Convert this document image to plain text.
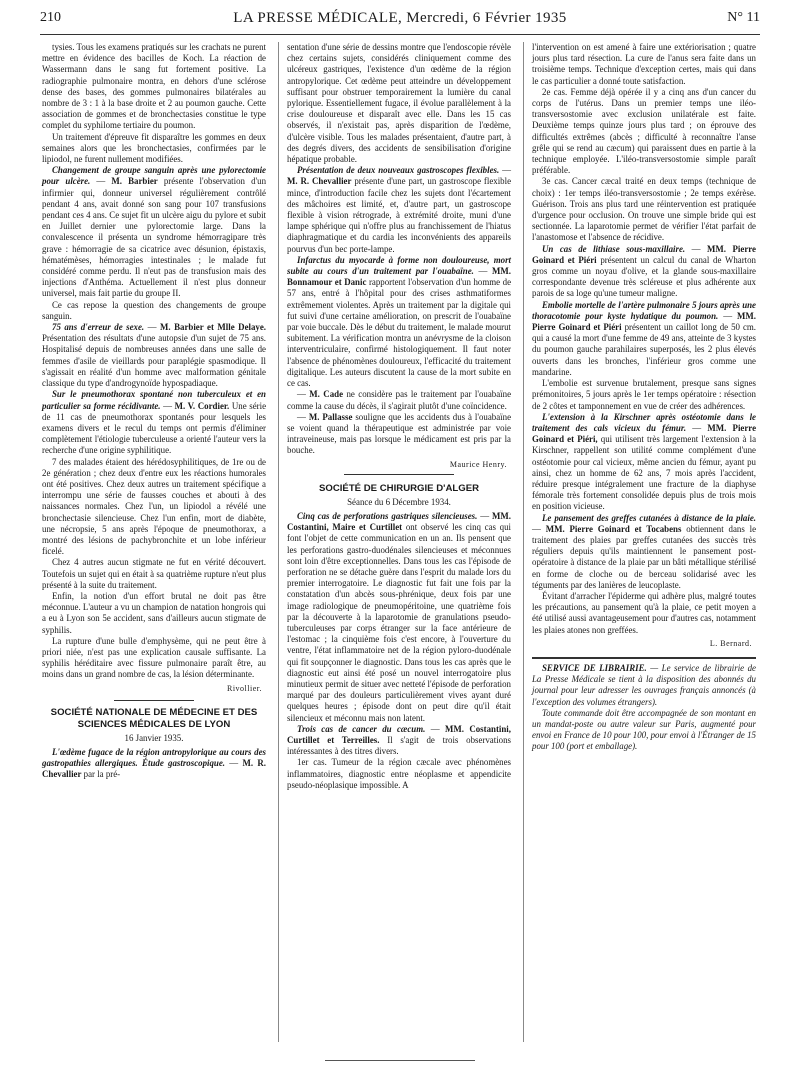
210	LA PRESSE MÉDICALE, Mercredi, 6 Février 1935	N° 11

tysies. Tous les examens pratiqués sur les crachats ne purent mettre en évidence des bacilles de Koch. La réaction de Wassermann dans le sang fut fortement positive. La radiographie pulmonaire montra, en dehors d'une sclérose dense des bases, des gommes pulmonaires bilatérales au nombre de 3 : 1 à la base droite et 2 au poumon gauche. Cette association de gommes et de bronchectasies constitue le type complet du syphilome tertiaire du poumon.

Un traitement d'épreuve fit disparaître les gommes en deux semaines alors que les bronchectasies, confirmées par le lipiodol, ne furent nullement modifiées.

Changement de groupe sanguin après une pylorectomie pour ulcère. — M. Barbier présente l'observation d'un infirmier qui, donneur universel régulièrement contrôlé pendant 4 ans, avait donné son sang pour 107 transfusions pendant ces 4 ans. Ce sujet fit un ulcère aigu du pylore et subit en Juillet dernier une pylorectomie large. Dans la convalescence il présenta un syndrome hémorragipare très grave : hémorragie de sa cicatrice avec désunion, épistaxis, hématémèses, hémorragies intestinales ; le malade fut considéré comme perdu. Il n'eut pas de transfusion mais des injections d'Anthéma. Actuellement il n'est plus donneur universel, mais fait partie du groupe II.

Ce cas repose la question des changements de groupe sanguin.

75 ans d'erreur de sexe. — M. Barbier et Mlle Delaye. Présentation des résultats d'une autopsie d'un sujet de 75 ans. Hospitalisé depuis de nombreuses années dans une salle de femmes d'asile de vieillards pour paraplégie spasmodique. Il s'agissait en réalité d'un homme avec malformation génitale classique du type d'androgynoïde hypospadiaque.

Sur le pneumothorax spontané non tuberculeux et en particulier sa forme récidivante. — M. V. Cordier. Une série de 11 cas de pneumothorax spontanés pour lesquels les examens divers et le recul du temps ont permis d'éliminer complètement l'étiologie tuberculeuse a orienté l'auteur vers la recherche d'une origine syphilitique.

7 des malades étaient des hérédosyphilitiques, de 1re ou de 2e génération ; chez deux d'entre eux les réactions humorales ont été positives. Chez deux autres un traitement spécifique a interrompu une série de fausses couches et abouti à des naissances normales. Chez l'un, un lipiodol a révélé une bronchectasie silencieuse. Chez l'un enfin, mort de diabète, une nécropsie, 5 ans après l'époque de pneumothorax, a montré des lésions de pachybronchite et un lobe inférieur ficelé.

Chez 4 autres aucun stigmate ne fut en vérité découvert. Toutefois un sujet qui en était à sa quatrième rupture n'eut plus présenté à la suite du traitement.

Enfin, la notion d'un effort brutal ne doit pas être méconnue. L'auteur a vu un champion de natation hongrois qui a eu à Lyon son 5e accident, sans d'ailleurs aucun stigmate de syphilis.

La rupture d'une bulle d'emphysème, qui ne peut être à priori niée, n'est pas une explication causale suffisante. La syphilis héréditaire avec fissure pulmonaire paraît être, au moins dans un grand nombre de cas, la lésion déterminante.

Rivollier.

SOCIÉTÉ NATIONALE DE MÉDECINE ET DES SCIENCES MÉDICALES DE LYON

16 Janvier 1935.

L'œdème fugace de la région antropylorique au cours des gastropathies allergiques. Étude gastroscopique. — M. R. Chevallier par la pré-

sentation d'une série de dessins montre que l'endoscopie révèle chez certains sujets, considérés cliniquement comme des ulcéreux gastriques, l'existence d'un œdème de la région antropylorique. Cet œdème peut atteindre un développement suffisant pour obstruer temporairement la lumière du canal pylorique. Essentiellement fugace, il évolue parallèlement à la crise douloureuse et disparaît avec elle. Dans les 15 cas observés, il n'existait pas, après disparition de l'œdème, d'ulcère visible. Tous les malades présentaient, d'autre part, à des degrés divers, des accidents de sensibilisation d'origine hépatique probable.

Présentation de deux nouveaux gastroscopes flexibles. — M. R. Chevallier présente d'une part, un gastroscope flexible mince, d'introduction facile chez les sujets dont l'écartement des mâchoires est limité, et, d'autre part, un gastroscope flexible à vision rétrograde, à extrémité droite, muni d'une lampe sphérique qui n'offre plus au franchissement de l'hiatus diaphragmatique et du cardia les inconvénients des appareils pourvus d'un bec porte-lampe.

Infarctus du myocarde à forme non douloureuse, mort subite au cours d'un traitement par l'ouabaïne. — MM. Bonnamour et Danic rapportent l'observation d'un homme de 57 ans, entré à l'hôpital pour des crises asthmatiformes extrêmement violentes. Après un traitement par la digitale qui fut suivi d'une certaine amélioration, on prescrit de l'ouabaïne par voie buccale. Dès le début du traitement, le malade mourut subitement. La vérification montra un anévrysme de la cloison interventriculaire, confirmé histologiquement. Il faut noter l'absence de phénomènes douloureux, l'efficacité du traitement digitalique. Les auteurs discutent la cause de la mort subite en ce cas.

— M. Cade ne considère pas le traitement par l'ouabaïne comme la cause du décès, il s'agirait plutôt d'une coïncidence.

— M. Pallasse souligne que les accidents dus à l'ouabaïne se voient quand la thérapeutique est administrée par voie intraveineuse, mais pas lorsque le médicament est pris par la bouche.

Maurice Henry.

SOCIÉTÉ DE CHIRURGIE D'ALGER

Séance du 6 Décembre 1934.

Cinq cas de perforations gastriques silencieuses. — MM. Costantini, Maire et Curtillet ont observé les cinq cas qui font l'objet de cette communication en un an. Ils pensent que les perforations gastro-duodénales silencieuses et méconnues sont loin d'être exceptionnelles. Dans tous les cas l'épisode de perforation ne se détache guère dans l'esprit du malade lors du premier interrogatoire. Le diagnostic fut fait une fois par la constatation d'un abcès sous-phrénique, deux fois par une image radiologique de pneumopéritoine, une quatrième fois par la découverte à la laparotomie de granulations pseudo-tuberculeuses par corps étranger sur la face antérieure de l'estomac ; la cinquième fois c'est encore, à l'ouverture du ventre, l'état inflammatoire net de la région pyloro-duodénale qui fit soupçonner le diagnostic. Dans tous les cas après que le diagnostic eut ainsi été posé un nouvel interrogatoire plus minutieux permit de situer avec netteté l'épisode de perforation marqué par des douleurs particulièrement vives ayant duré quelques heures ; épisode dont on peut dire qu'il était silencieux et méconnu mais non latent.

Trois cas de cancer du cæcum. — MM. Costantini, Curtillet et Terreilles. Il s'agit de trois observations intéressantes à des titres divers.

1er cas. Tumeur de la région cæcale avec phénomènes inflammatoires, diagnostic entre néoplasme et appendicite pseudo-néoplasique impossible. A

l'intervention on est amené à faire une extériorisation ; quatre jours plus tard résection. La cure de l'anus sera faite dans un troisième temps. Technique d'exception certes, mais qui dans le cas particulier a donné toute satisfaction.

2e cas. Femme déjà opérée il y a cinq ans d'un cancer du corps de l'utérus. Dans un premier temps une iléo-transversostomie avec exclusion unilatérale est faite. Deuxième temps quinze jours plus tard ; on éprouve des difficultés extrêmes (abcès ; difficulté à reconnaître l'anse grêle qui se rend au cæcum) qui paraissent dues en partie à la technique employée. L'iléo-transversostomie simple paraît préférable.

3e cas. Cancer cæcal traité en deux temps (technique de choix) : 1er temps iléo-transversostomie ; 2e temps exérèse. Guérison. Trois ans plus tard une réintervention est pratiquée d'urgence pour occlusion. On trouve une simple bride qui est sectionnée. La laparotomie permet de vérifier l'état parfait de l'anastomose et l'absence de récidive.

Un cas de lithiase sous-maxillaire. — MM. Pierre Goinard et Piéri présentent un calcul du canal de Wharton gros comme un noyau d'olive, et la glande sous-maxillaire correspondante devenue très scléreuse et plus adhérente aux parois de sa loge qu'une tumeur maligne.

Embolie mortelle de l'artère pulmonaire 5 jours après une thoracotomie pour kyste hydatique du poumon. — MM. Pierre Goinard et Piéri présentent un caillot long de 50 cm. qui a causé la mort d'une femme de 49 ans, atteinte de 3 kystes du poumon gauche parahilaires superposés, les 2 plus élevés ouverts dans les bronches, l'inférieur gros comme une mandarine.

L'embolie est survenue brutalement, presque sans signes prémonitoires, 5 jours après le 1er temps opératoire : résection de 2 côtes et tamponnement en vue de créer des adhérences.

L'extension à la Kirschner après ostéotomie dans le traitement des cals vicieux du fémur. — MM. Pierre Goinard et Piéri, qui utilisent très largement l'extension à la Kirschner, rappellent son utilité comme complément d'une ostéotomie pour cal vicieux, même ancien du fémur, ayant pu ainsi, chez un homme de 62 ans, 7 mois après l'accident, réduire presque intégralement une fracture de la diaphyse fémorale très fortement consolidée depuis plus de trois mois en position vicieuse.

Le pansement des greffes cutanées à distance de la plaie. — MM. Pierre Goinard et Tocabens obtiennent dans le traitement des plaies par greffes cutanées des succès très réguliers depuis qu'ils maintiennent le pansement post-opératoire à distance de la plaie par un bâti métallique stérilisé en forme de cloche ou de berceau solidarisé avec les téguments par des lanières de leucoplaste.

Évitant d'arracher l'épiderme qui adhère plus, malgré toutes les précautions, au pansement qu'à la plaie, ce petit moyen a été utilisé aussi avantageusement pour d'autres cas, notamment les plaies atones non greffées.

L. Bernard.

SERVICE DE LIBRAIRIE. — Le service de librairie de La Presse Médicale se tient à la disposition des abonnés du journal pour leur adresser les ouvrages français annoncés (à l'exception des volumes étrangers).

Toute commande doit être accompagnée de son montant en un mandat-poste ou autre valeur sur Paris, augmenté pour envoi en France de 10 pour 100, pour envoi à l'Étranger de 15 pour 100 (port et emballage).
